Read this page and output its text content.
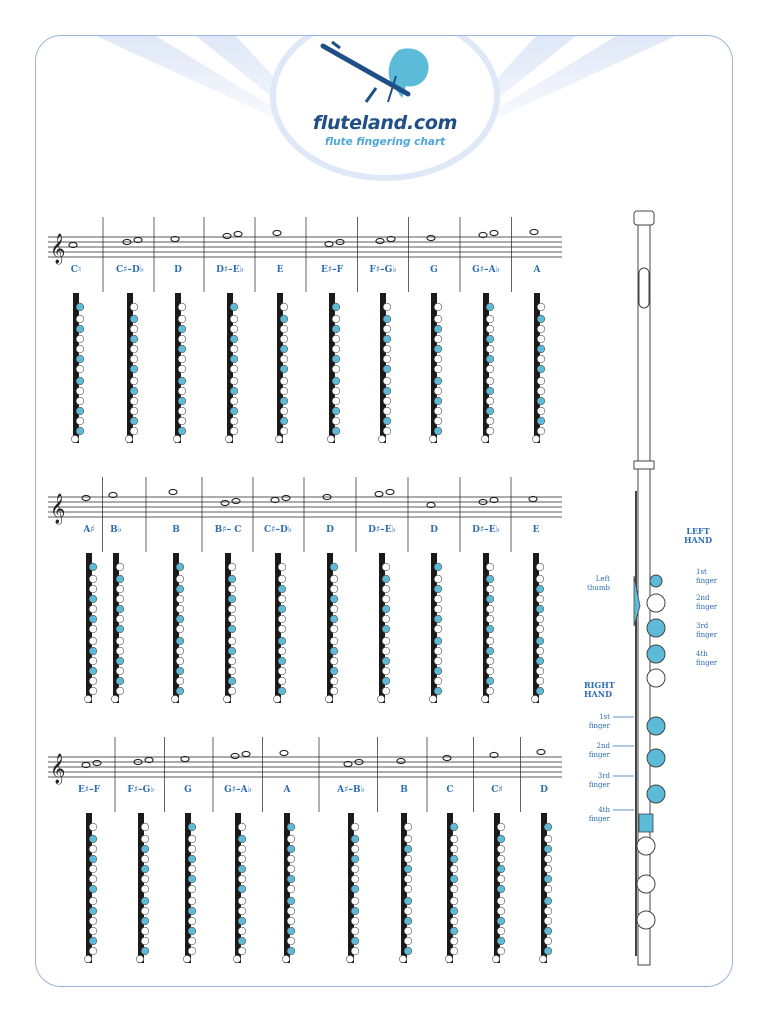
fluteland.com
flute fingering chart
𝄞
C♮	C♯–D♭	D	D♯–E♭	E	E♯–F	F♯–G♭	G	G♯–A♭	A
𝄞
A♯ B♭	B	B♯– C	C♯–D♭	D	D♯–E♭	D	D♯–E♭	E
𝄞
E♯–F	F♯–G♭	G	G♯–A♭	A	A♯–B♭	B	C	C♯	D
LEFT HAND
RIGHT HAND
Left thumb
1st finger
2nd finger
3rd finger
4th finger
1st finger
2nd finger
3rd finger
4th finger
